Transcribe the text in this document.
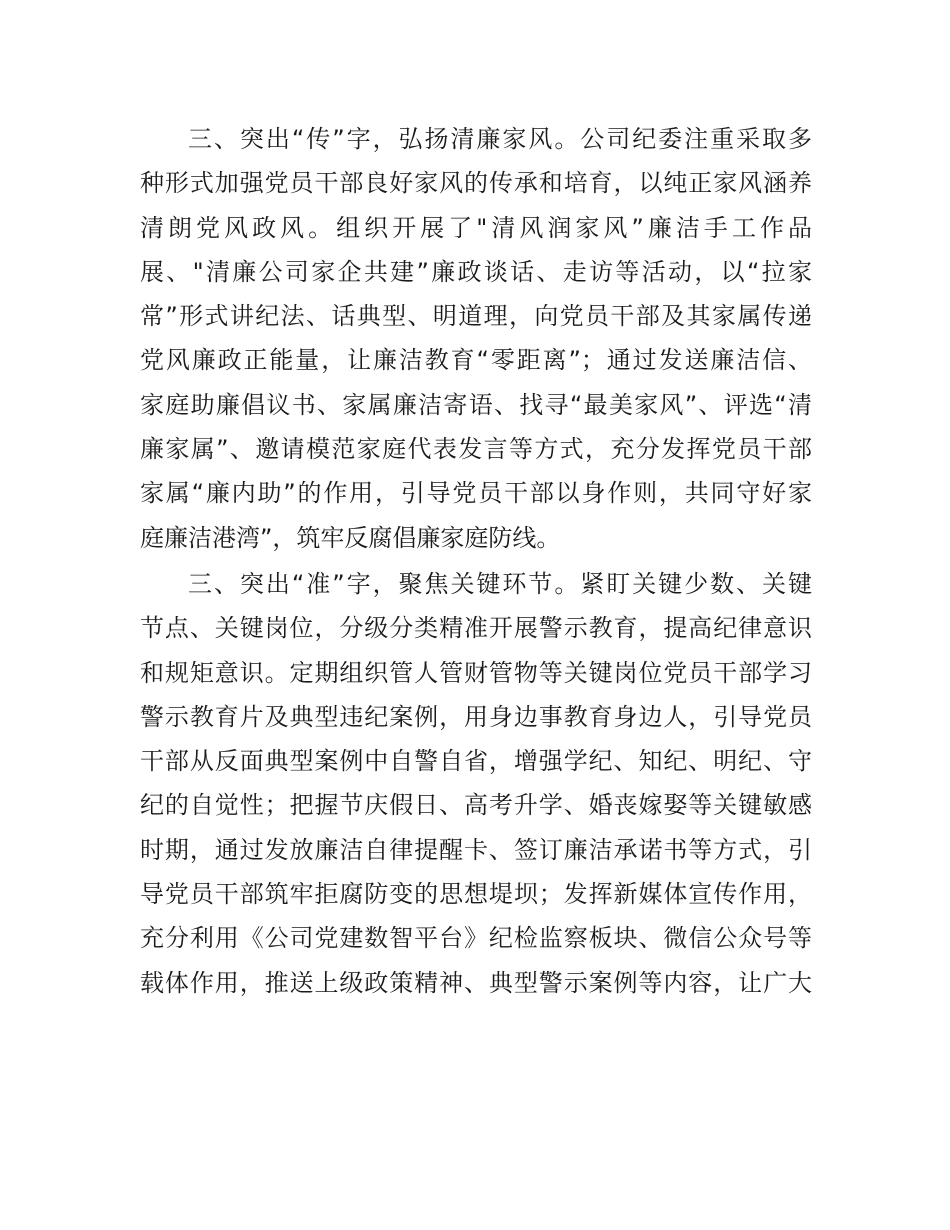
三、突出“传”字，弘扬清廉家风。公司纪委注重采取多
种形式加强党员干部良好家风的传承和培育，以纯正家风涵养
清朗党风政风。组织开展了"清风润家风”廉洁手工作品
展、"清廉公司家企共建”廉政谈话、走访等活动，以“拉家
常”形式讲纪法、话典型、明道理，向党员干部及其家属传递
党风廉政正能量，让廉洁教育“零距离”；通过发送廉洁信、
家庭助廉倡议书、家属廉洁寄语、找寻“最美家风”、评选“清
廉家属”、邀请模范家庭代表发言等方式，充分发挥党员干部
家属“廉内助”的作用，引导党员干部以身作则，共同守好家
庭廉洁港湾”，筑牢反腐倡廉家庭防线。
三、突出“准”字，聚焦关键环节。紧盯关键少数、关键
节点、关键岗位，分级分类精准开展警示教育，提高纪律意识
和规矩意识。定期组织管人管财管物等关键岗位党员干部学习
警示教育片及典型违纪案例，用身边事教育身边人，引导党员
干部从反面典型案例中自警自省，增强学纪、知纪、明纪、守
纪的自觉性；把握节庆假日、高考升学、婚丧嫁娶等关键敏感
时期，通过发放廉洁自律提醒卡、签订廉洁承诺书等方式，引
导党员干部筑牢拒腐防变的思想堤坝；发挥新媒体宣传作用，
充分利用《公司党建数智平台》纪检监察板块、微信公众号等
载体作用，推送上级政策精神、典型警示案例等内容，让广大
